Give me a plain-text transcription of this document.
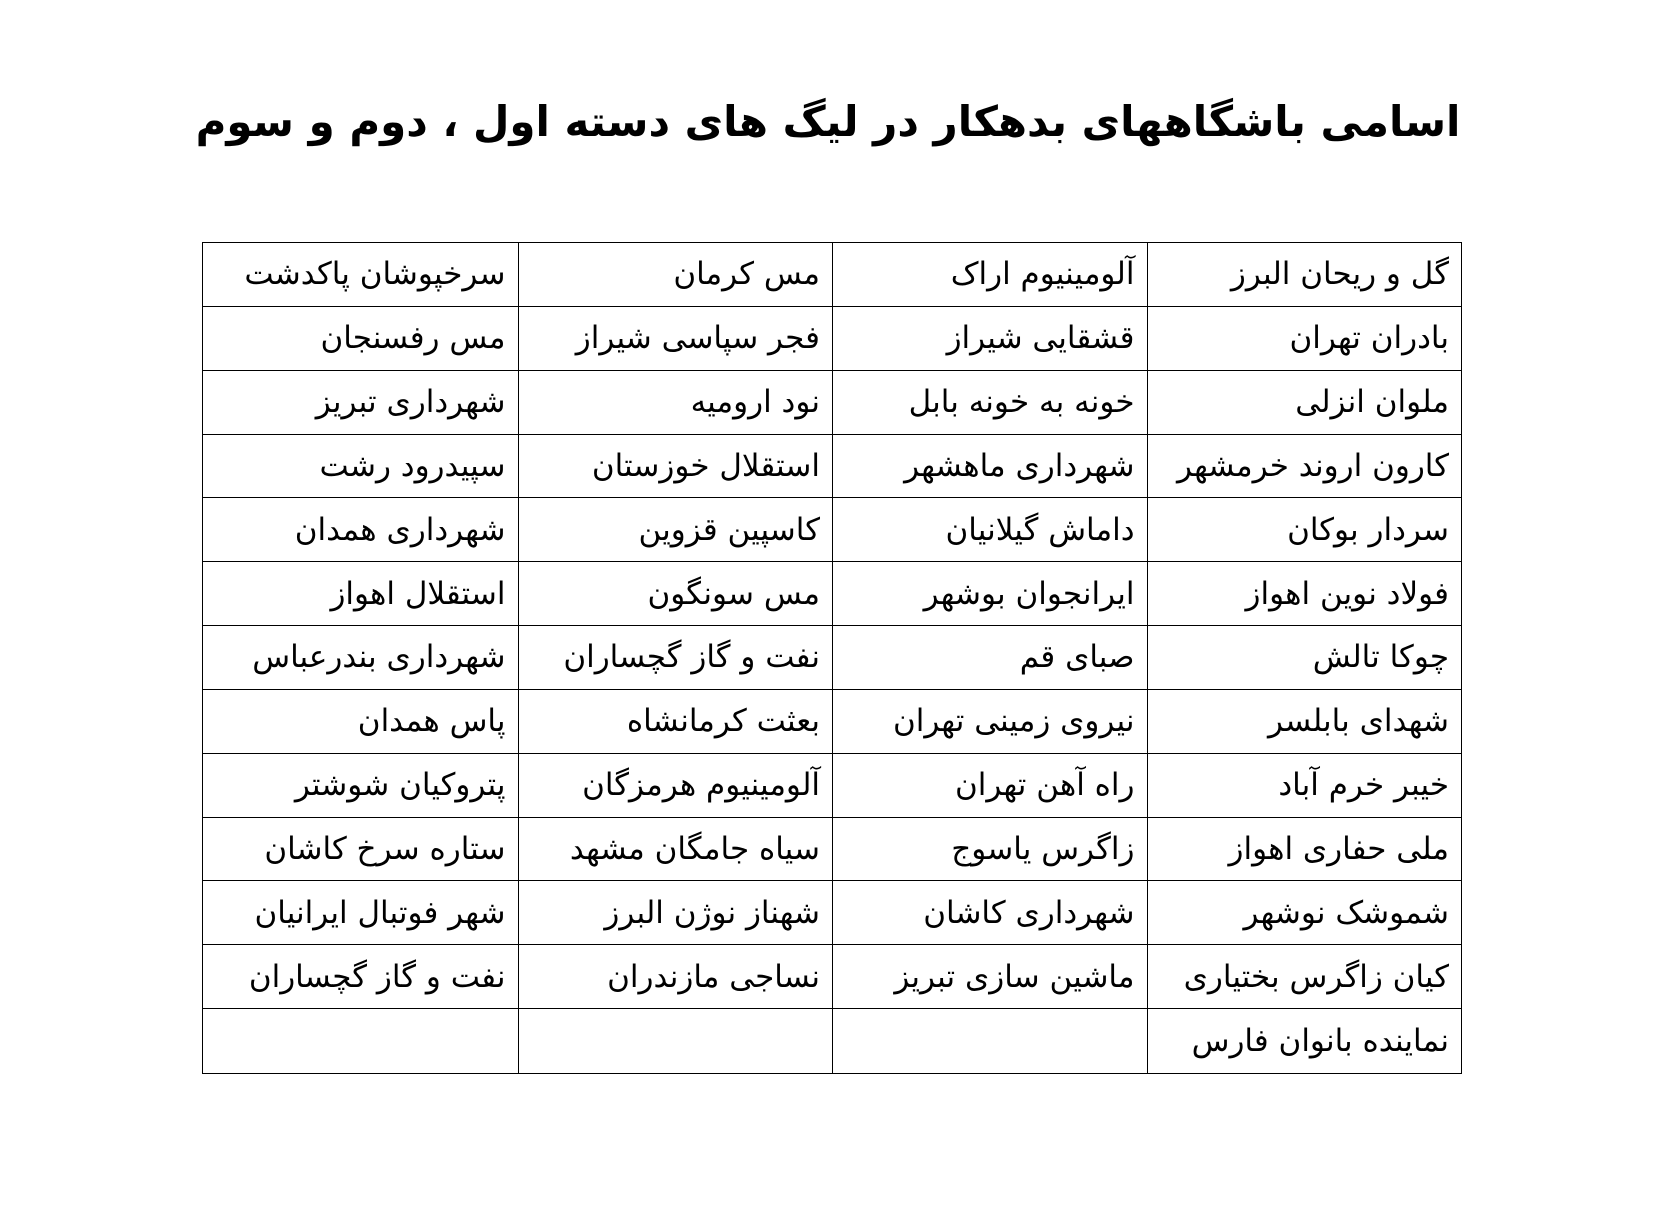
اسامی باشگاههای بدهکار در لیگ های دسته اول ، دوم و سوم
گل و ریحان البرز
آلومینیوم اراک
مس کرمان
سرخپوشان پاکدشت
بادران تهران
قشقایی شیراز
فجر سپاسی شیراز
مس رفسنجان
ملوان انزلی
خونه به خونه بابل
نود ارومیه
شهرداری تبریز
کارون اروند خرمشهر
شهرداری ماهشهر
استقلال خوزستان
سپیدرود رشت
سردار بوکان
داماش گیلانیان
کاسپین قزوین
شهرداری همدان
فولاد نوین اهواز
ایرانجوان بوشهر
مس سونگون
استقلال اهواز
چوکا تالش
صبای قم
نفت و گاز گچساران
شهرداری بندرعباس
شهدای بابلسر
نیروی زمینی تهران
بعثت کرمانشاه
پاس همدان
خیبر خرم آباد
راه آهن تهران
آلومینیوم هرمزگان
پتروکیان شوشتر
ملی حفاری اهواز
زاگرس یاسوج
سیاه جامگان مشهد
ستاره سرخ کاشان
شموشک نوشهر
شهرداری کاشان
شهناز نوژن البرز
شهر فوتبال ایرانیان
کیان زاگرس بختیاری
ماشین سازی تبریز
نساجی مازندران
نفت و گاز گچساران
نماینده بانوان فارس
